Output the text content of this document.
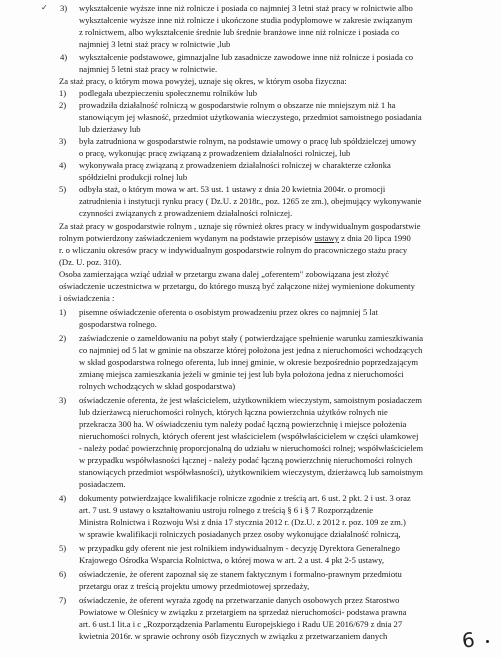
✓ 3) wykształcenie wyższe inne niż rolnicze i posiada co najmniej 3 letni staż pracy w rolnictwie albo
wykształcenie wyższe inne niż rolnicze i ukończone studia podyplomowe w zakresie związanym
z rolnictwem, albo wykształcenie średnie lub średnie branżowe inne niż rolnicze i posiada co
najmniej 3 letni staż pracy w rolnictwie ,lub
4) wykształcenie podstawowe, gimnazjalne lub zasadnicze zawodowe inne niż rolnicze i posiada co
najmniej 5 letni staż pracy w rolnictwie.
Za staż pracy, o którym mowa powyżej, uznaje się okres, w którym osoba fizyczna:
1) podlegała ubezpieczeniu społecznemu rolników lub
2) prowadziła działalność rolniczą w gospodarstwie rolnym o obszarze nie mniejszym niż 1 ha
stanowiącym jej własność, przedmiot użytkowania wieczystego, przedmiot samoistnego posiadania
lub dzierżawy lub
3) była zatrudniona w gospodarstwie rolnym, na podstawie umowy o pracę lub spółdzielczej umowy
o pracę, wykonując pracę związaną z prowadzeniem działalności rolniczej, lub
4) wykonywała pracę związaną z prowadzeniem działalności rolniczej w charakterze członka
spółdzielni produkcji rolnej lub
5) odbyła staż, o którym mowa w art. 53 ust. 1 ustawy z dnia 20 kwietnia 2004r. o promocji
zatrudnienia i instytucji rynku pracy ( Dz.U. z 2018r., poz. 1265 ze zm.), obejmujący wykonywanie
czynności związanych z prowadzeniem działalności rolniczej.
Za staż pracy w gospodarstwie rolnym , uznaje się również okres pracy w indywidualnym gospodarstwie
rolnym potwierdzony zaświadczeniem wydanym na podstawie przepisów ustawy z dnia 20 lipca 1990
r. o wliczaniu okresów pracy w indywidualnym gospodarstwie rolnym do pracowniczego stażu pracy
(Dz. U. poz. 310).
Osoba zamierzająca wziąć udział w przetargu zwana dalej „oferentem" zobowiązana jest złożyć
oświadczenie uczestnictwa w przetargu, do którego muszą być załączone niżej wymienione dokumenty
i oświadczenia :
1) pisemne oświadczenie oferenta o osobistym prowadzeniu przez okres co najmniej 5 lat
gospodarstwa rolnego.
2) zaświadczenie o zameldowaniu na pobyt stały ( potwierdzające spełnienie warunku zamieszkiwania
co najmniej od 5 lat w gminie na obszarze której położona jest jedna z nieruchomości wchodzących
w skład gospodarstwa rolnego oferenta, lub innej gminie, w okresie bezpośrednio poprzedzającym
zmianę miejsca zamieszkania jeżeli w gminie tej jest lub była położona jedna z nieruchomości
rolnych wchodzących w skład gospodarstwa)
3) oświadczenie oferenta, że jest właścicielem, użytkownikiem wieczystym, samoistnym posiadaczem
lub dzierżawcą nieruchomości rolnych, których łączna powierzchnia użytków rolnych nie
przekracza 300 ha. W oświadczeniu tym należy podać łączną powierzchnię i miejsce położenia
nieruchomości rolnych, których oferent jest właścicielem (współwłaścicielem w części ułamkowej
- należy podać powierzchnię proporcjonalną do udziału w nieruchomości rolnej; współwłaścicielem
w przypadku współwłasności łącznej - należy podać łączną powierzchnię nieruchomości rolnych
stanowiących przedmiot współwłasności), użytkownikiem wieczystym, dzierżawcą lub samoistnym
posiadaczem.
4) dokumenty potwierdzające kwalifikacje rolnicze zgodnie z treścią art. 6 ust. 2 pkt. 2 i ust. 3 oraz
art. 7 ust. 9 ustawy o kształtowaniu ustroju rolnego z treścią § 6 i § 7 Rozporządzenie
Ministra Rolnictwa i Rozwoju Wsi z dnia 17 stycznia 2012 r. (Dz.U. z 2012 r. poz. 109 ze zm.)
w sprawie kwalifikacji rolniczych posiadanych przez osoby wykonujące działalność rolniczą,
5) w przypadku gdy oferent nie jest rolnikiem indywidualnym - decyzję Dyrektora Generalnego
Krajowego Ośrodka Wsparcia Rolnictwa, o której mowa w art. 2 a ust. 4 pkt 2-5 ustawy,
6) oświadczenie, że oferent zapoznał się ze stanem faktycznym i formalno-prawnym przedmiotu
przetargu oraz z treścią projektu umowy przedmiotowej sprzedaży,
7) oświadczenie, że oferent wyraża zgodę na przetwarzanie danych osobowych przez Starostwo
Powiatowe w Oleśnicy w związku z przetargiem na sprzedaż nieruchomości- podstawa prawna
art. 6 ust.1 lit.a i c „Rozporządzenia Parlamentu Europejskiego i Radu UE 2016/679 z dnia 27
kwietnia 2016r. w sprawie ochrony osób fizycznych w związku z przetwarzaniem danych	6
